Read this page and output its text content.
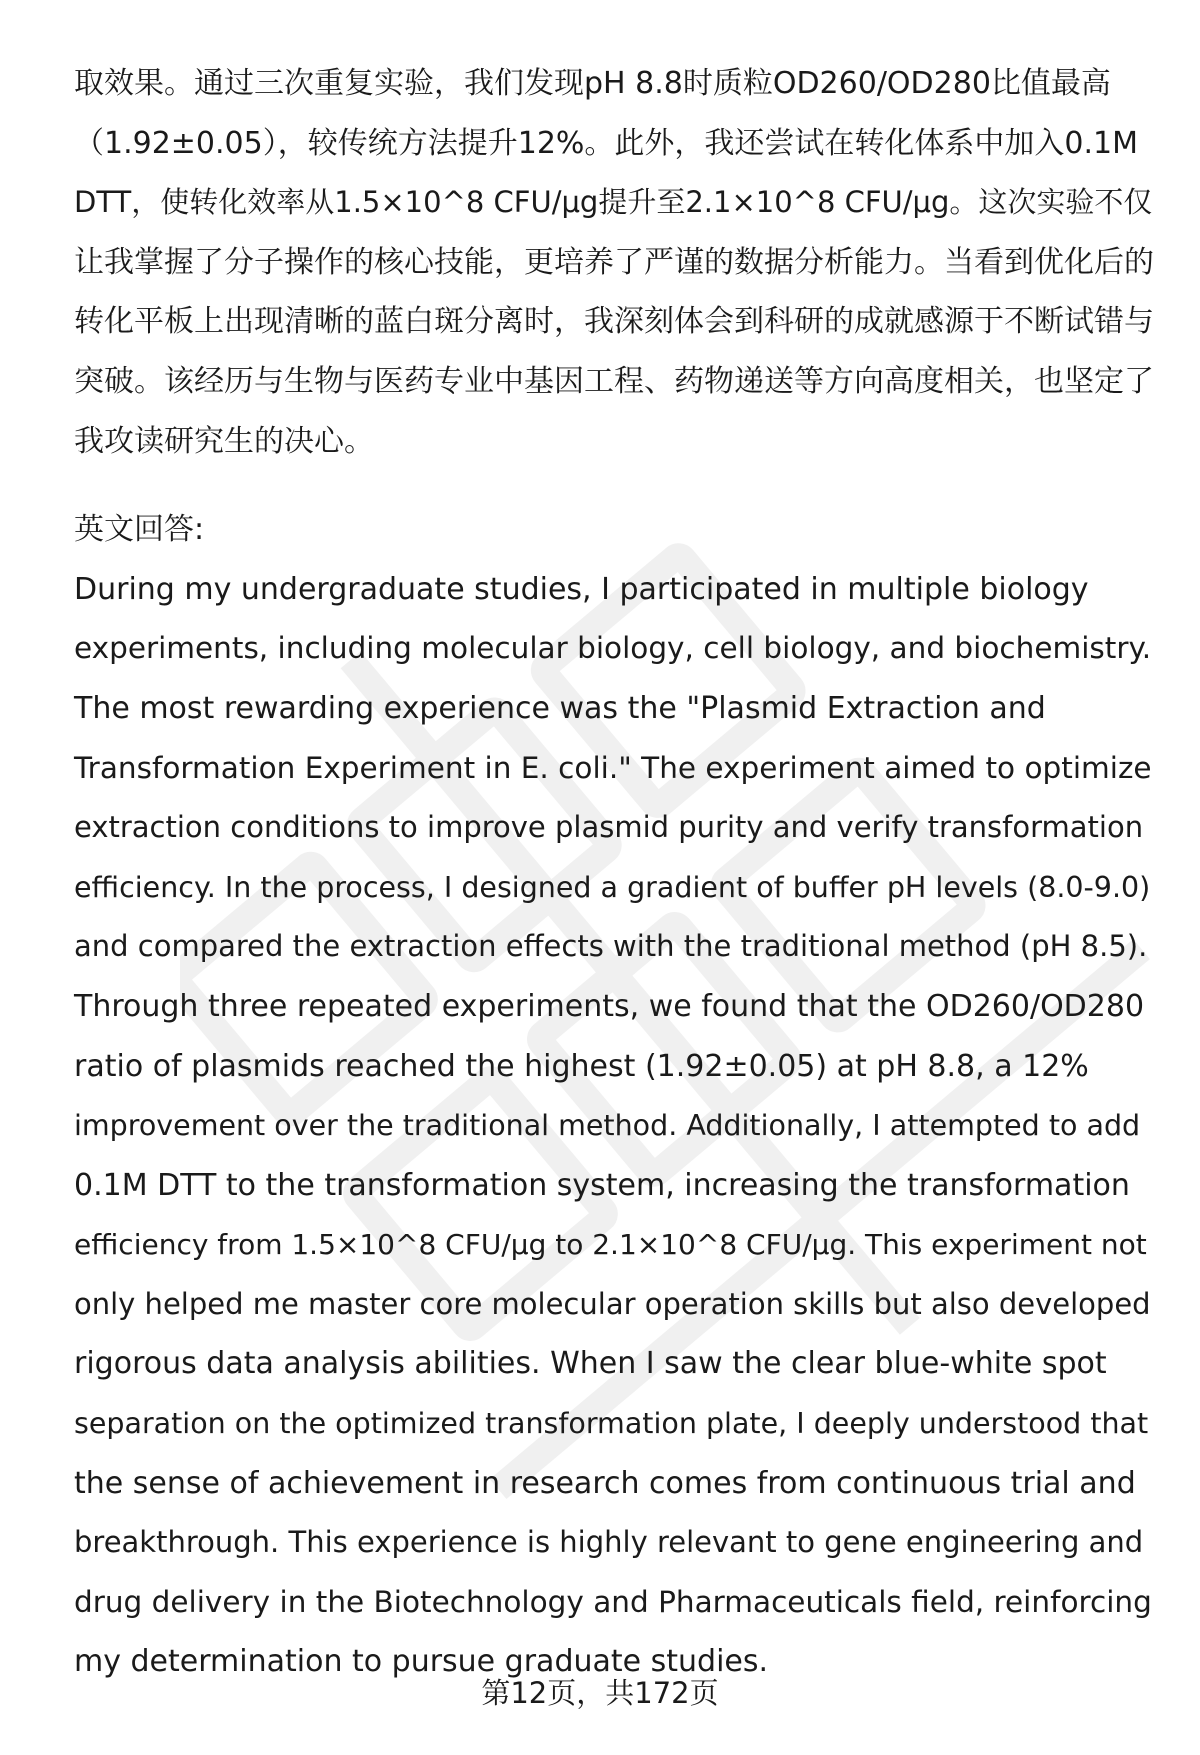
取效果。通过三次重复实验，我们发现pH 8.8时质粒OD260/OD280比值最高
（1.92±0.05），较传统方法提升12%。此外，我还尝试在转化体系中加入0.1M
DTT，使转化效率从1.5×10^8 CFU/μg提升至2.1×10^8 CFU/μg。这次实验不仅
让我掌握了分子操作的核心技能，更培养了严谨的数据分析能力。当看到优化后的
转化平板上出现清晰的蓝白斑分离时，我深刻体会到科研的成就感源于不断试错与
突破。该经历与生物与医药专业中基因工程、药物递送等方向高度相关，也坚定了
我攻读研究生的决心。
英文回答:
During my undergraduate studies, I participated in multiple biology
experiments, including molecular biology, cell biology, and biochemistry.
The most rewarding experience was the "Plasmid Extraction and
Transformation Experiment in E. coli." The experiment aimed to optimize
extraction conditions to improve plasmid purity and verify transformation
efficiency. In the process, I designed a gradient of buffer pH levels (8.0-9.0)
and compared the extraction effects with the traditional method (pH 8.5).
Through three repeated experiments, we found that the OD260/OD280
ratio of plasmids reached the highest (1.92±0.05) at pH 8.8, a 12%
improvement over the traditional method. Additionally, I attempted to add
0.1M DTT to the transformation system, increasing the transformation
efficiency from 1.5×10^8 CFU/μg to 2.1×10^8 CFU/μg. This experiment not
only helped me master core molecular operation skills but also developed
rigorous data analysis abilities. When I saw the clear blue-white spot
separation on the optimized transformation plate, I deeply understood that
the sense of achievement in research comes from continuous trial and
breakthrough. This experience is highly relevant to gene engineering and
drug delivery in the Biotechnology and Pharmaceuticals field, reinforcing
my determination to pursue graduate studies.
第12页，共172页
